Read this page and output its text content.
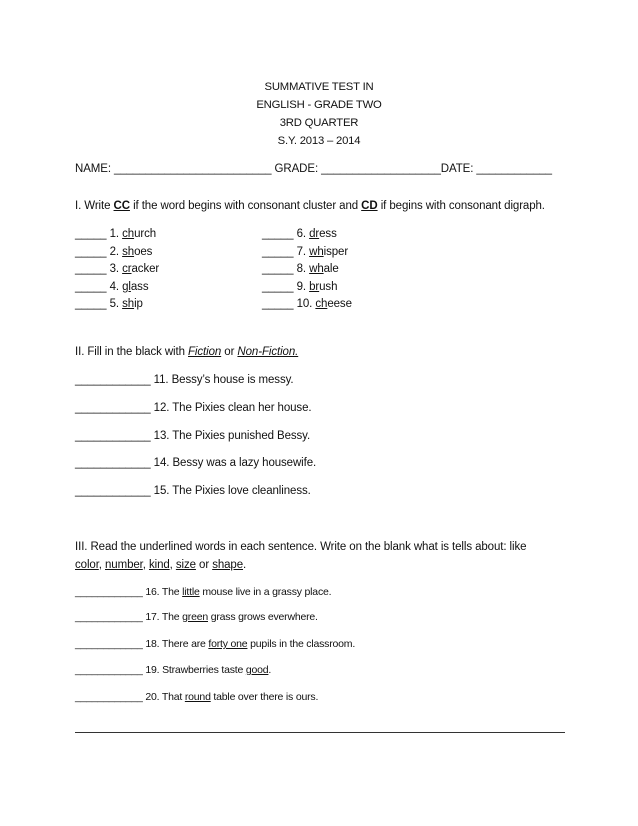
SUMMATIVE TEST IN
ENGLISH - GRADE TWO
3RD QUARTER
S.Y. 2013 – 2014
NAME: _________________________ GRADE: ___________________DATE: ____________
I. Write CC if the word begins with consonant cluster and CD if begins with consonant digraph.
_____ 1. church
_____ 2. shoes
_____ 3. cracker
_____ 4. glass
_____ 5. ship
_____ 6. dress
_____ 7. whisper
_____ 8. whale
_____ 9. brush
_____ 10. cheese
II. Fill in the black with Fiction or Non-Fiction.
____________ 11. Bessy’s house is messy.
____________ 12. The Pixies clean her house.
____________ 13. The Pixies punished Bessy.
____________ 14. Bessy was a lazy housewife.
____________ 15. The Pixies love cleanliness.
III. Read the underlined words in each sentence. Write on the blank what is tells about: like
color, number, kind, size or shape.
____________ 16. The little mouse live in a grassy place.
____________ 17. The green grass grows everwhere.
____________ 18. There are forty one pupils in the classroom.
____________ 19. Strawberries taste good.
____________ 20. That round table over there is ours.
